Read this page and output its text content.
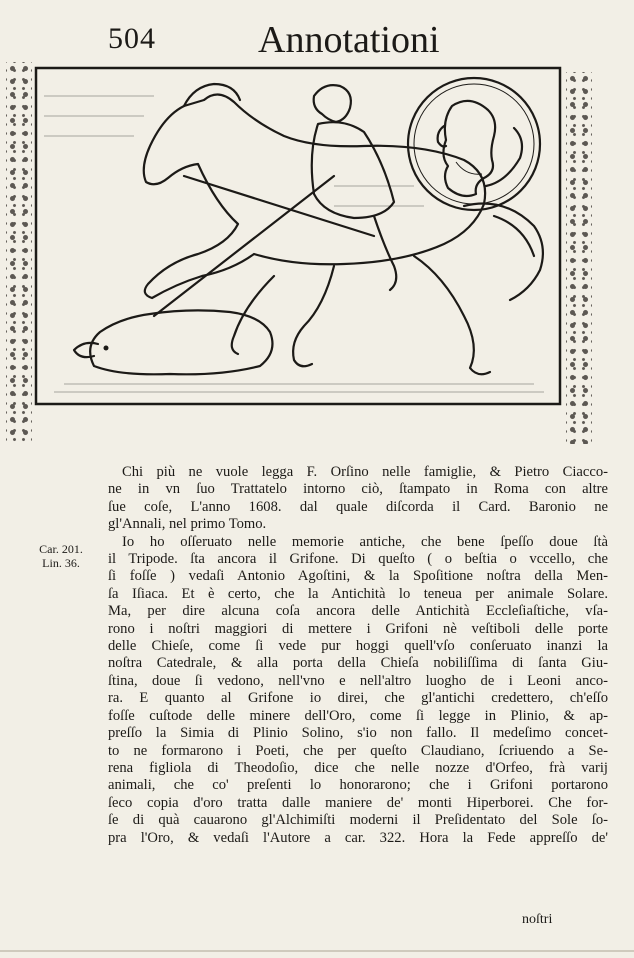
504	Annotationi
Car. 201.
Lin. 36.
Chi più ne vuole legga F. Orſino nelle famiglie, & Pietro Ciacco-
ne in vn ſuo Trattatelo intorno ciò, ſtampato in Roma con altre
ſue coſe, L'anno 1608. dal quale diſcorda il Card. Baronio ne
gl'Annali, nel primo Tomo.
Io ho oſſeruato nelle memorie antiche, che bene ſpeſſo doue ſtà
il Tripode. ſta ancora il Grifone. Di queſto ( o beſtia o vccello, che
ſi foſſe ) vedaſi Antonio Agoſtini, & la Spoſitione noſtra della Men-
ſa Iſiaca. Et è certo, che la Antichità lo teneua per animale Solare.
Ma, per dire alcuna coſa ancora delle Antichità Eccleſiaſtiche, vſa-
rono i noſtri maggiori di mettere i Grifoni nè veſtiboli delle porte
delle Chieſe, come ſi vede pur hoggi quell'vſo conſeruato inanzi la
noſtra Catedrale, & alla porta della Chieſa nobiliſſima di ſanta Giu-
ſtina, doue ſi vedono, nell'vno e nell'altro luogho de i Leoni anco-
ra. E quanto al Grifone io direi, che gl'antichi credettero, ch'eſſo
foſſe cuſtode delle minere dell'Oro, come ſi legge in Plinio, & ap-
preſſo la Simia di Plinio Solino, s'io non fallo. Il medeſimo concet-
to ne formarono i Poeti, che per queſto Claudiano, ſcriuendo a Se-
rena figliola di Theodoſio, dice che nelle nozze d'Orfeo, frà varij
animali, che co' preſenti lo honorarono; che i Grifoni portarono
ſeco copia d'oro tratta dalle maniere de' monti Hiperborei. Che for-
ſe di quà cauarono gl'Alchimiſti moderni il Preſidentato del Sole ſo-
pra l'Oro, & vedaſi l'Autore a car. 322. Hora la Fede appreſſo de'
noſtri
